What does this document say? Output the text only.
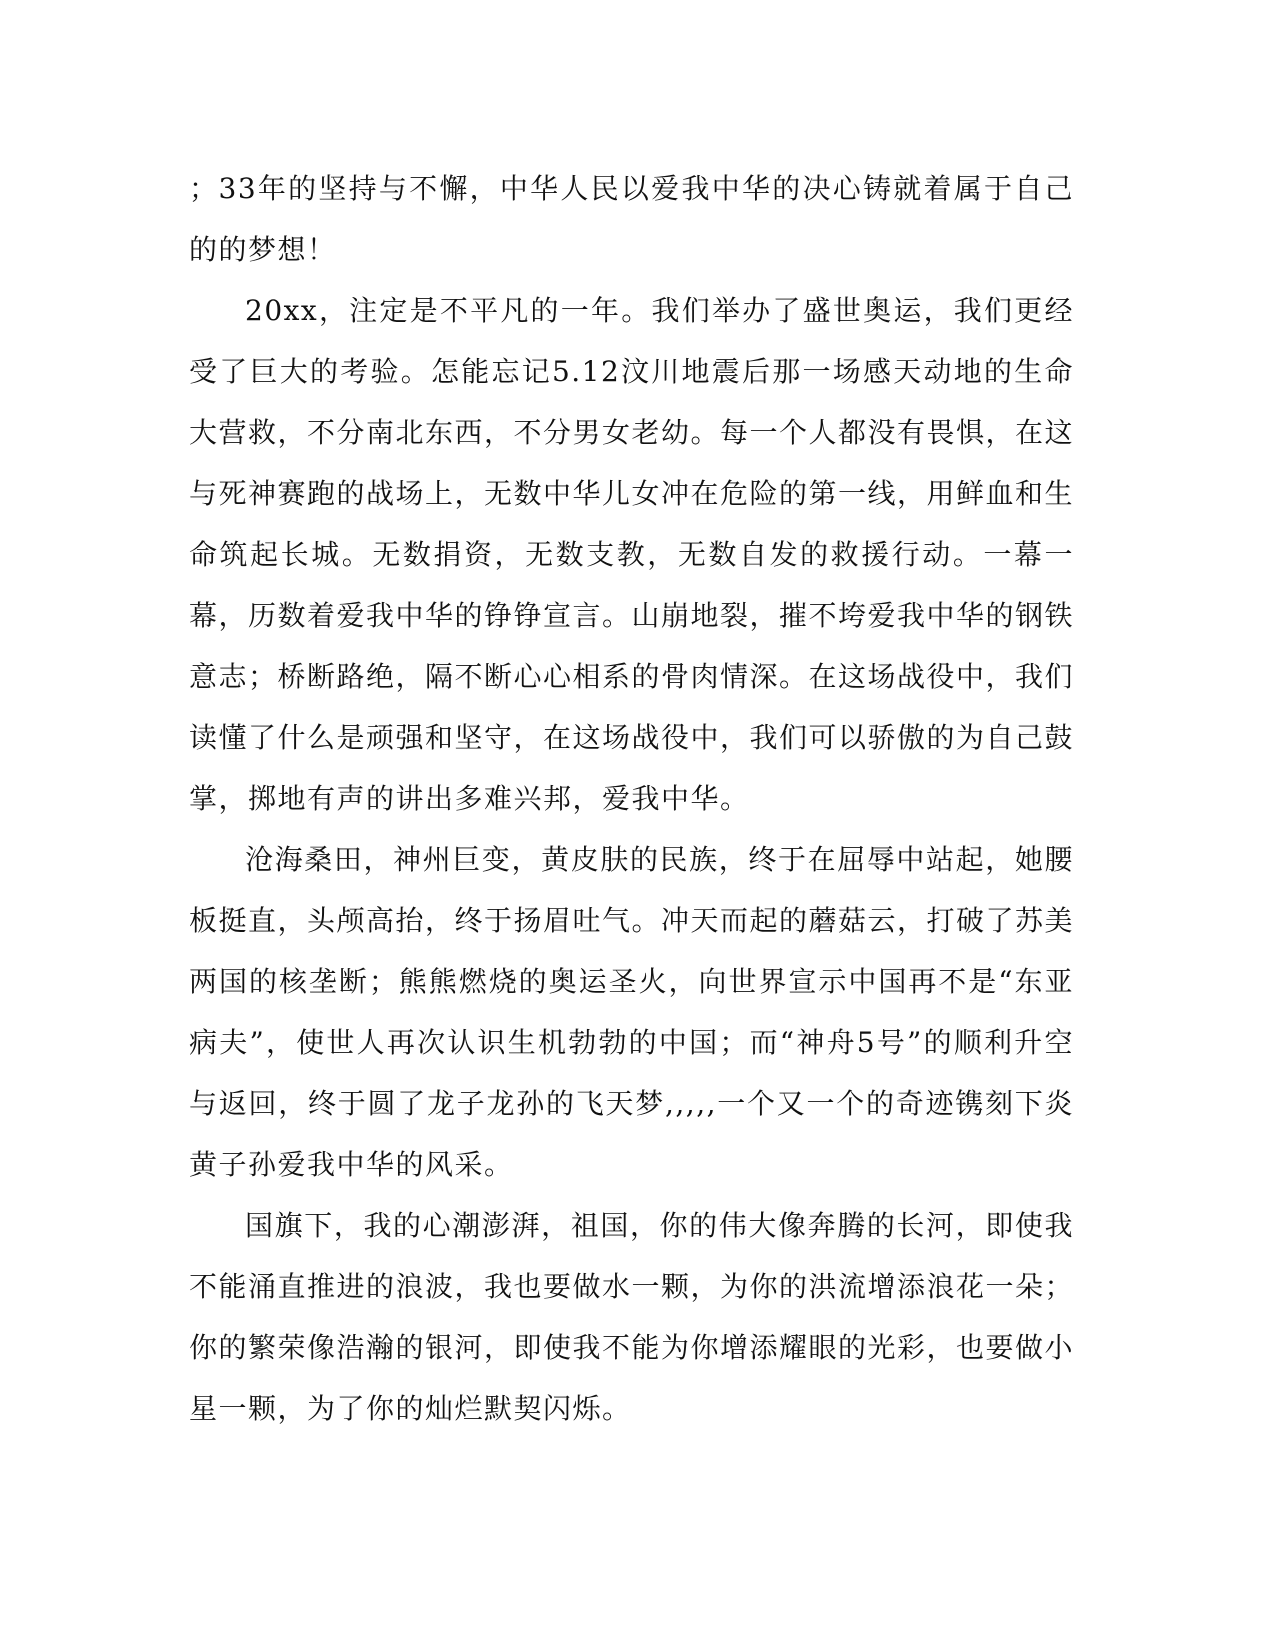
；33年的坚持与不懈，中华人民以爱我中华的决心铸就着属于自己的的梦想！

20xx，注定是不平凡的一年。我们举办了盛世奥运，我们更经受了巨大的考验。怎能忘记5.12汶川地震后那一场感天动地的生命大营救，不分南北东西，不分男女老幼。每一个人都没有畏惧，在这与死神赛跑的战场上，无数中华儿女冲在危险的第一线，用鲜血和生命筑起长城。无数捐资，无数支教，无数自发的救援行动。一幕一幕，历数着爱我中华的铮铮宣言。山崩地裂，摧不垮爱我中华的钢铁意志；桥断路绝，隔不断心心相系的骨肉情深。在这场战役中，我们读懂了什么是顽强和坚守，在这场战役中，我们可以骄傲的为自己鼓掌，掷地有声的讲出多难兴邦，爱我中华。

沧海桑田，神州巨变，黄皮肤的民族，终于在屈辱中站起，她腰板挺直，头颅高抬，终于扬眉吐气。冲天而起的蘑菇云，打破了苏美两国的核垄断；熊熊燃烧的奥运圣火，向世界宣示中国再不是“东亚病夫”，使世人再次认识生机勃勃的中国；而“神舟5号”的顺利升空与返回，终于圆了龙子龙孙的飞天梦,,,,,一个又一个的奇迹镌刻下炎黄子孙爱我中华的风采。

国旗下，我的心潮澎湃，祖国，你的伟大像奔腾的长河，即使我不能涌直推进的浪波，我也要做水一颗，为你的洪流增添浪花一朵；你的繁荣像浩瀚的银河，即使我不能为你增添耀眼的光彩，也要做小星一颗，为了你的灿烂默契闪烁。
